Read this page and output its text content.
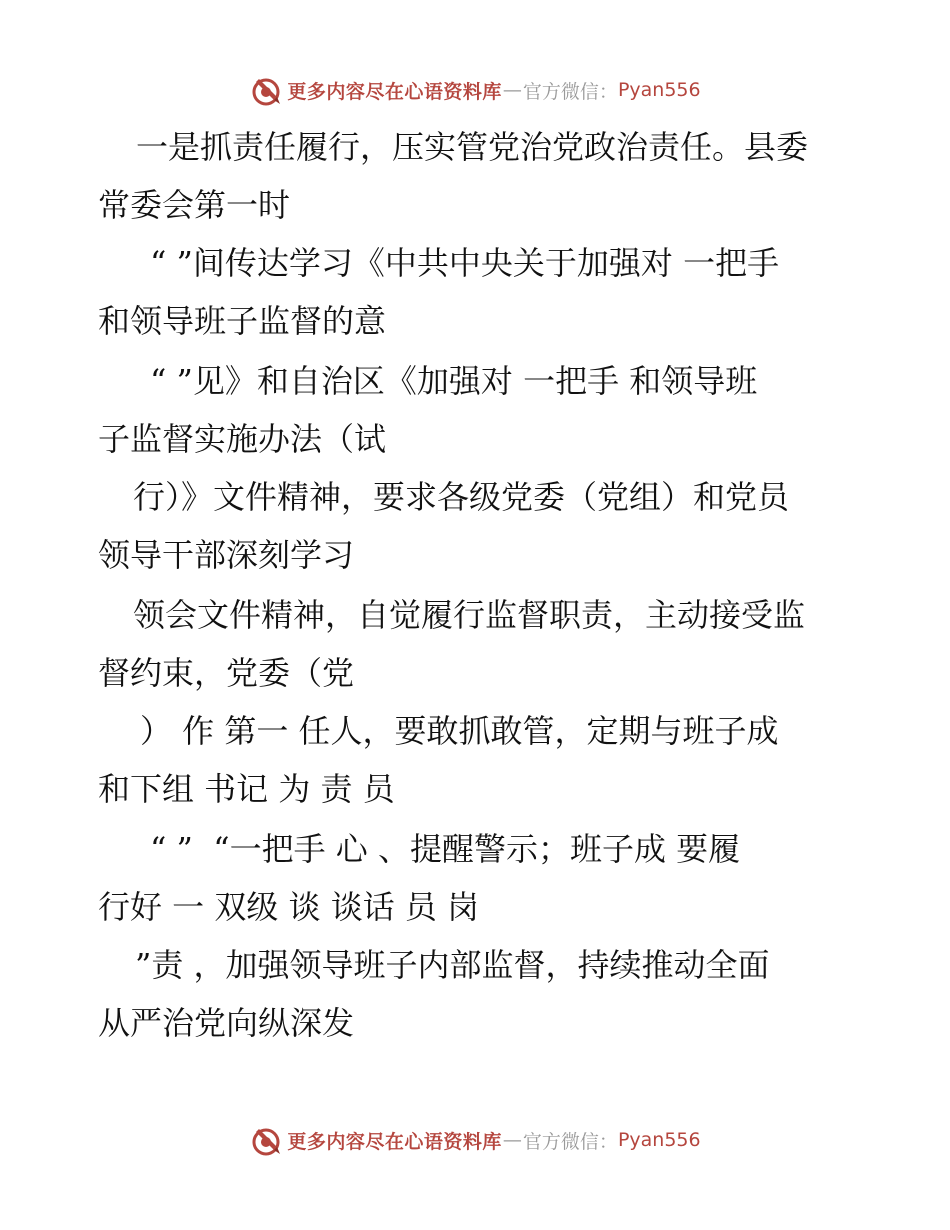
更多内容尽在心语资料库 — 官方微信： Pyan556
一是抓责任履行，压实管党治党政治责任。县委
常委会第一时
“ ”间传达学习《中共中央关于加强对 一把手
和领导班子监督的意
“ ”见》和自治区《加强对 一把手 和领导班
子监督实施办法（试
行）》文件精神，要求各级党委（党组）和党员
领导干部深刻学习
领会文件精神，自觉履行监督职责，主动接受监
督约束，党委（党
） 作 第一 任人，要敢抓敢管，定期与班子成
和下组 书记 为 责 员
“ ”  “一把手 心 、提醒警示；班子成 要履
行好 一 双级 谈 谈话 员 岗
”责 ，加强领导班子内部监督，持续推动全面
从严治党向纵深发
更多内容尽在心语资料库 — 官方微信： Pyan556
